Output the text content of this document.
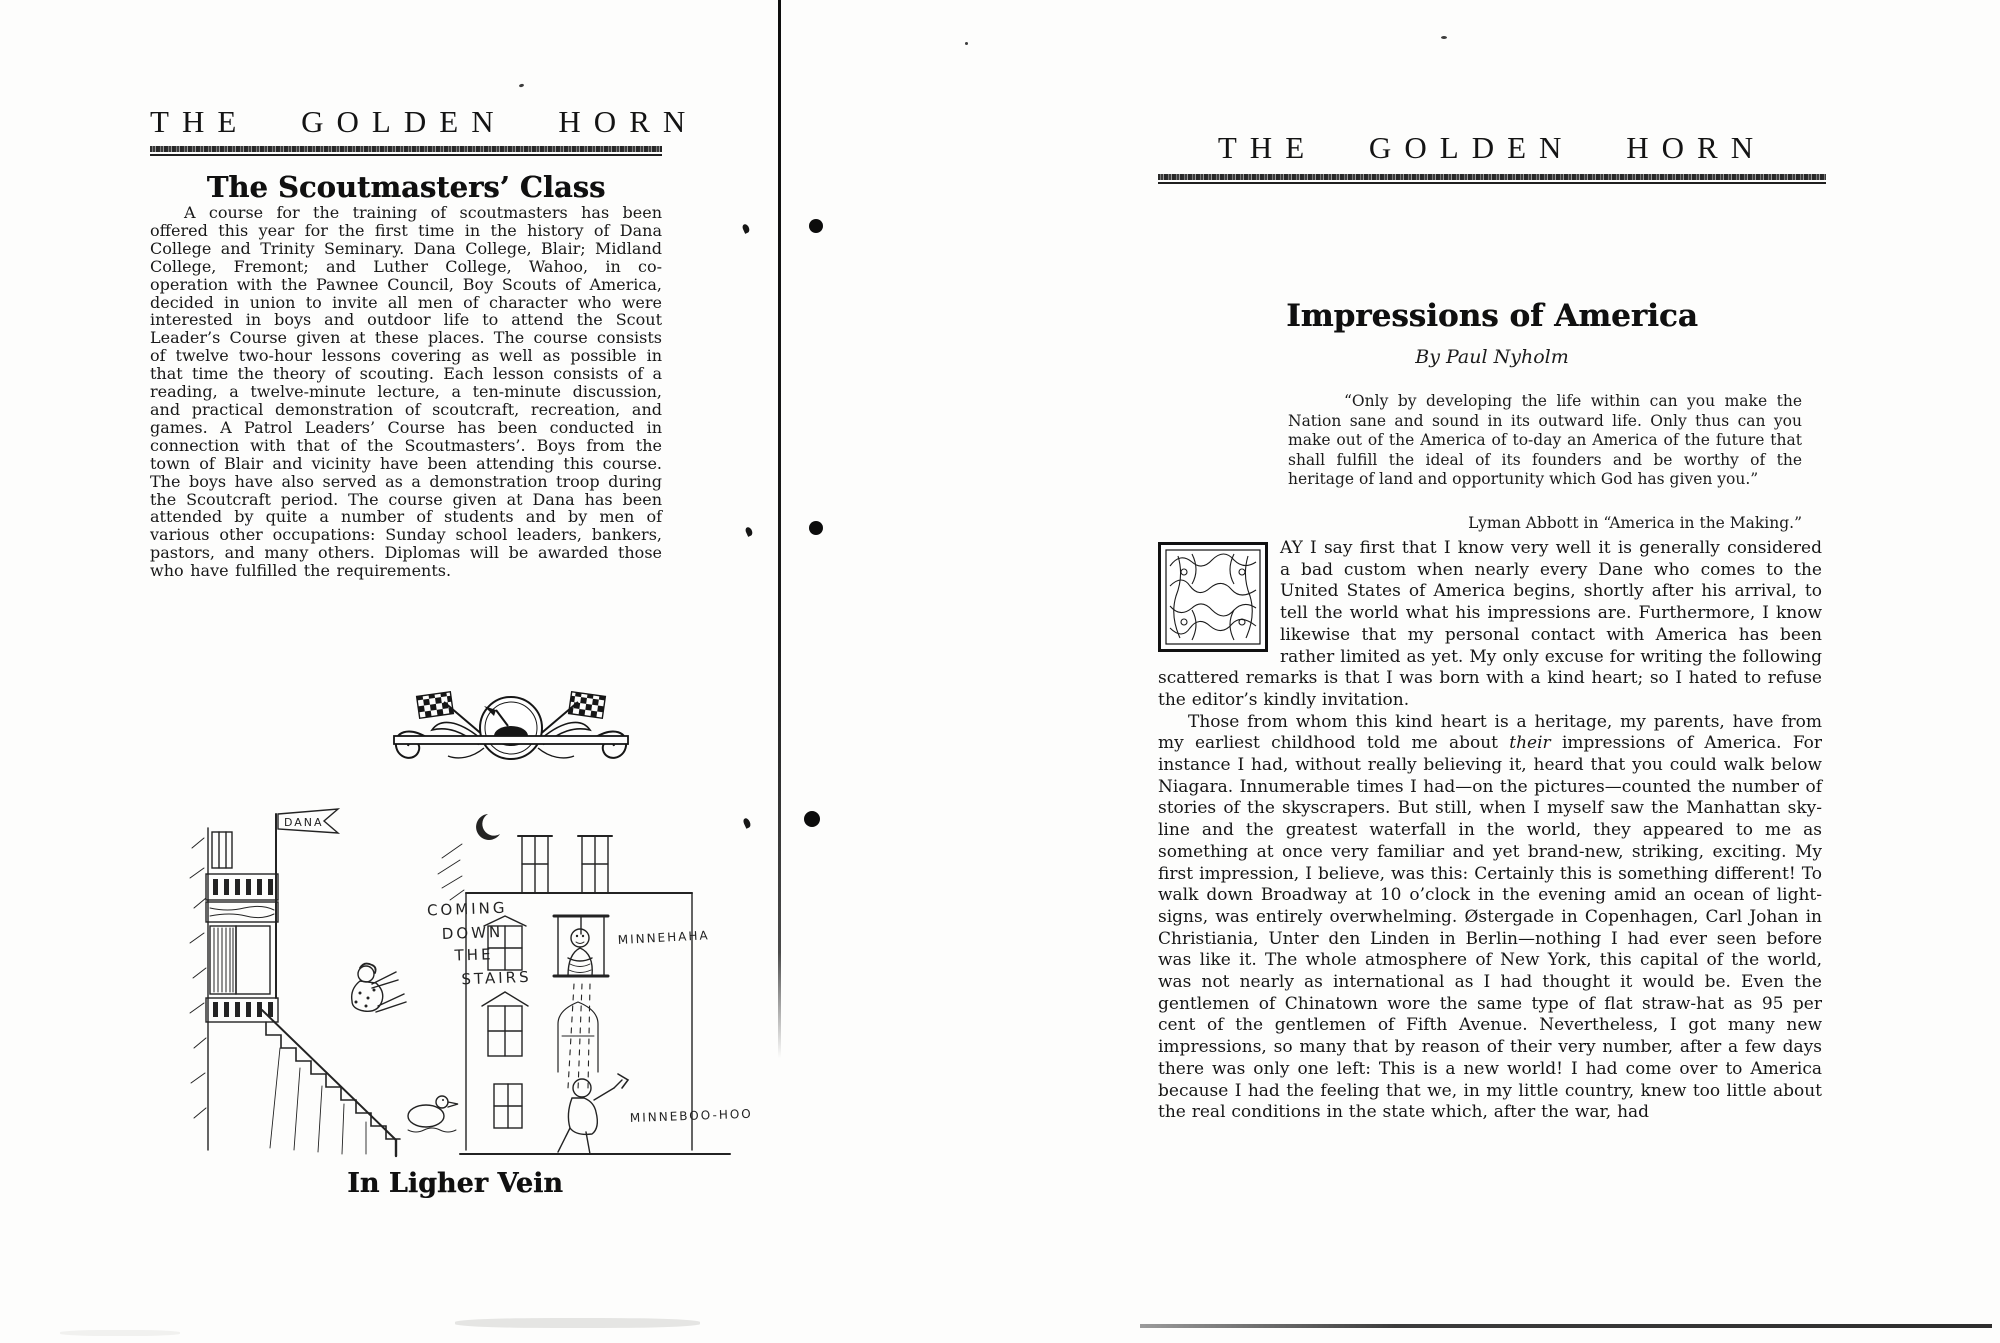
THE GOLDEN HORN
The Scoutmasters’ Class

A course for the training of scoutmasters has been offered this year for the first time in the history of Dana College and Trinity Seminary. Dana College, Blair; Midland College, Fremont; and Luther College, Wahoo, in co-operation with the Pawnee Council, Boy Scouts of America, decided in union to invite all men of character who were interested in boys and outdoor life to attend the Scout Leader’s Course given at these places. The course consists of twelve two-hour lessons covering as well as possible in that time the theory of scouting. Each lesson consists of a reading, a twelve-minute lecture, a ten-minute discussion, and practical demonstration of scoutcraft, recreation, and games. A Patrol Leaders’ Course has been conducted in connection with that of the Scoutmasters’. Boys from the town of Blair and vicinity have been attending this course. The boys have also served as a demonstration troop during the Scoutcraft period. The course given at Dana has been attended by quite a number of students and by men of various other occupations: Sunday school leaders, bankers, pastors, and many others. Diplomas will be awarded those who have fulfilled the requirements.

DANA
COMING
DOWN
THE
STAIRS
MINNEHAHA
MINNEBOO-HOO
In Ligher Vein
THE GOLDEN HORN
Impressions of America
By Paul Nyholm

“Only by developing the life within can you make the Nation sane and sound in its outward life. Only thus can you make out of the America of to-day an America of the future that shall fulfill the ideal of its founders and be worthy of the heritage of land and opportunity which God has given you.”

Lyman Abbott in “America in the Making.”

AY I say first that I know very well it is generally considered a bad custom when nearly every Dane who comes to the United States of America begins, shortly after his arrival, to tell the world what his impressions are. Furthermore, I know likewise that my personal contact with America has been rather limited as yet. My only excuse for writing the following scattered remarks is that I was born with a kind heart; so I hated to refuse the editor’s kindly invitation.

Those from whom this kind heart is a heritage, my parents, have from my earliest childhood told me about their impressions of America. For instance I had, without really believing it, heard that you could walk below Niagara. Innumerable times I had—on the pictures—counted the number of stories of the skyscrapers. But still, when I myself saw the Manhattan sky-line and the greatest waterfall in the world, they appeared to me as something at once very familiar and yet brand-new, striking, exciting. My first impression, I believe, was this: Certainly this is something different! To walk down Broadway at 10 o’clock in the evening amid an ocean of light-signs, was entirely overwhelming. Østergade in Copenhagen, Carl Johan in Christiania, Unter den Linden in Berlin—nothing I had ever seen before was like it. The whole atmosphere of New York, this capital of the world, was not nearly as international as I had thought it would be. Even the gentlemen of Chinatown wore the same type of flat straw-hat as 95 per cent of the gentlemen of Fifth Avenue. Nevertheless, I got many new impressions, so many that by reason of their very number, after a few days there was only one left: This is a new world! I had come over to America because I had the feeling that we, in my little country, knew too little about the real conditions in the state which, after the war, had
